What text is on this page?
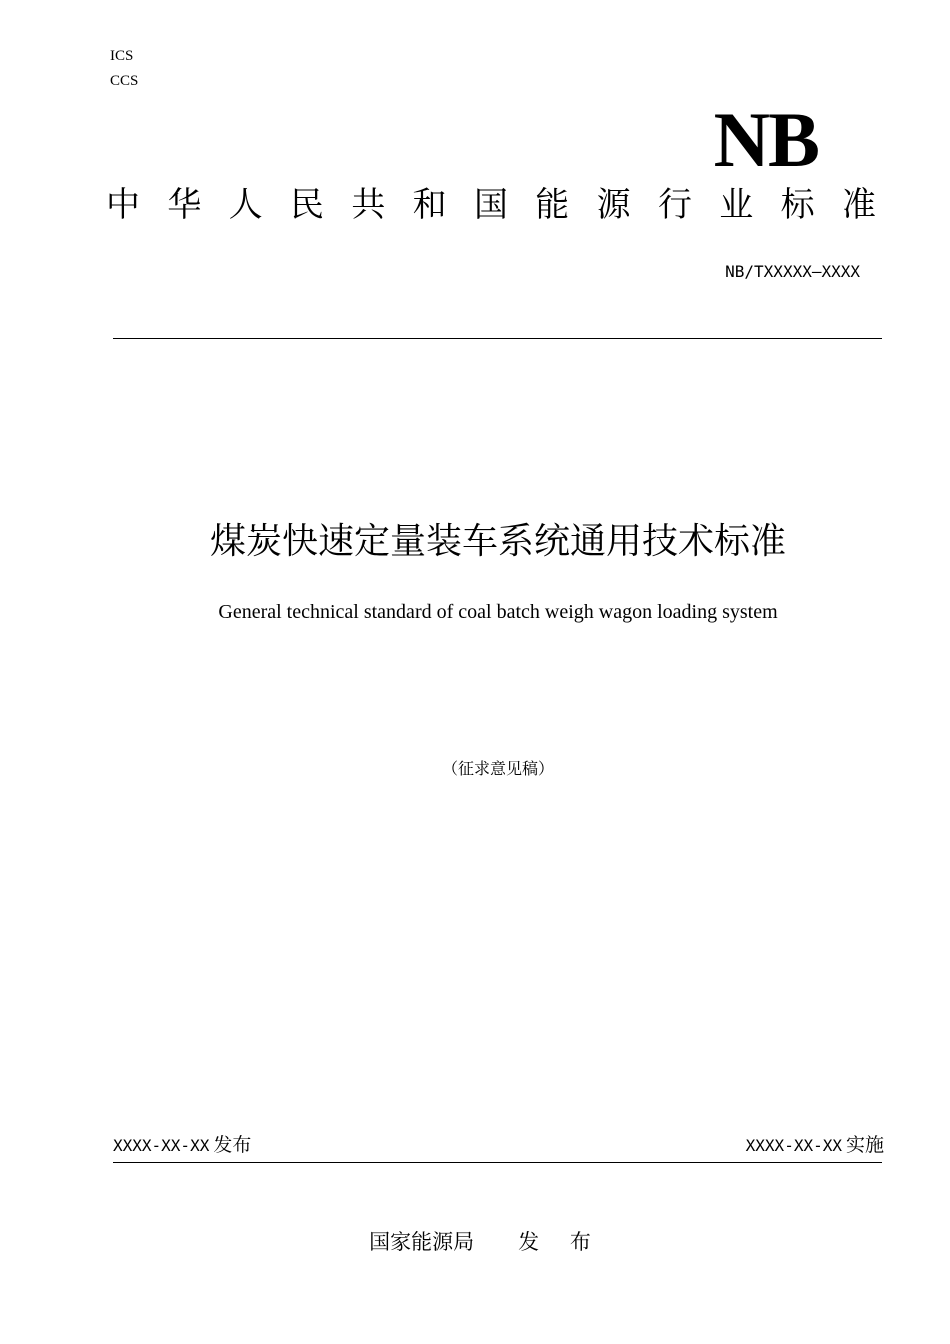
ICS
CCS
NB
中 华 人 民 共 和 国 能 源 行 业 标 准
NB/TXXXXX—XXXX
煤炭快速定量装车系统通用技术标准
General technical standard of coal batch weigh wagon loading system
（征求意见稿）
XXXX-XX-XX 发布	XXXX-XX-XX 实施
国家能源局 发 布
